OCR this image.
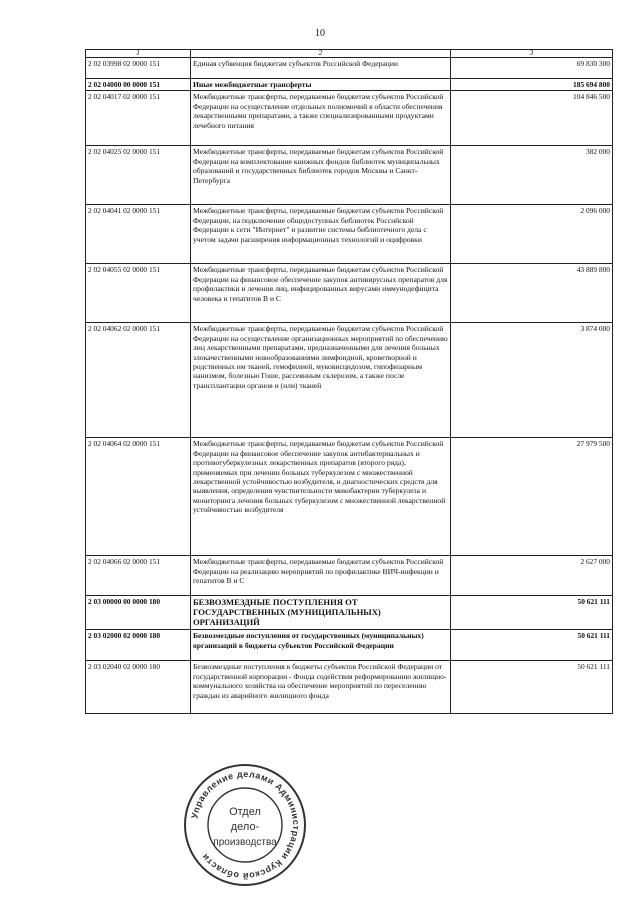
10
1	2	3
2 02 03998 02 0000 151	Единая субвенция бюджетам субъектов Российской Федерации	69 830 300
2 02 04000 00 0000 151	Иные межбюджетные трансферты	185 694 800
2 02 04017 02 0000 151	Межбюджетные трансферты, передаваемые бюджетам субъектов Российской Федерации на осуществление отдельных полномочий в области обеспечения лекарственными препаратами, а также специализированными продуктами лечебного питания	104 846 500
2 02 04025 02 0000 151	Межбюджетные трансферты, передаваемые бюджетам субъектов Российской Федерации на комплектование книжных фондов библиотек муниципальных образований и государственных библиотек городов Москвы и Санкт-Петербурга	382 000
2 02 04041 02 0000 151	Межбюджетные трансферты, передаваемые бюджетам субъектов Российской Федерации, на подключение общедоступных библиотек Российской Федерации к сети "Интернет" и развитие системы библиотечного дела с учетом задачи расширения информационных технологий и оцифровки	2 096 000
2 02 04055 02 0000 151	Межбюджетные трансферты, передаваемые бюджетам субъектов Российской Федерации на финансовое обеспечение закупок антивирусных препаратов для профилактики и лечения лиц, инфицированных вирусами иммунодефицита человека и гепатитов В и С	43 889 800
2 02 04062 02 0000 151	Межбюджетные трансферты, передаваемые бюджетам субъектов Российской Федерации на осуществление организационных мероприятий по обеспечению лиц лекарственными препаратами, предназначенными для лечения больных злокачественными новообразованиями лимфоидной, кроветворной и родственных им тканей, гемофилией, муковисцидозом, гипофизарным нанизмом, болезнью Гоше, рассеянным склерозом, а также после трансплантации органов и (или) тканей	3 874 000
2 02 04064 02 0000 151	Межбюджетные трансферты, передаваемые бюджетам субъектов Российской Федерации на финансовое обеспечение закупок антибактериальных и противотуберкулезных лекарственных препаратов (второго ряда), применяемых при лечении больных туберкулезом с множественной лекарственной устойчивостью возбудителя, и диагностических средств для выявления, определения чувствительности микобактерии туберкулеза и мониторинга лечения больных туберкулезом с множественной лекарственной устойчивостью возбудителя	27 979 500
2 02 04066 02 0000 151	Межбюджетные трансферты, передаваемые бюджетам субъектов Российской Федерации на реализацию мероприятий по профилактике ВИЧ-инфекции и гепатитов В и С	2 627 000
2 03 00000 00 0000 180	БЕЗВОЗМЕЗДНЫЕ ПОСТУПЛЕНИЯ ОТ ГОСУДАРСТВЕННЫХ (МУНИЦИПАЛЬНЫХ) ОРГАНИЗАЦИЙ	50 621 111
2 03 02000 02 0000 180	Безвозмездные поступления от государственных (муниципальных) организаций в бюджеты субъектов Российской Федерации	50 621 111
2 03 02040 02 0000 180	Безвозмездные поступления в бюджеты субъектов Российской Федерации от государственной корпорации - Фонда содействия реформированию жилищно-коммунального хозяйства на обеспечение мероприятий по переселению граждан из аварийного жилищного фонда	50 621 111
Управление делами Администрации Курской области
Отдел
дело-
производства
